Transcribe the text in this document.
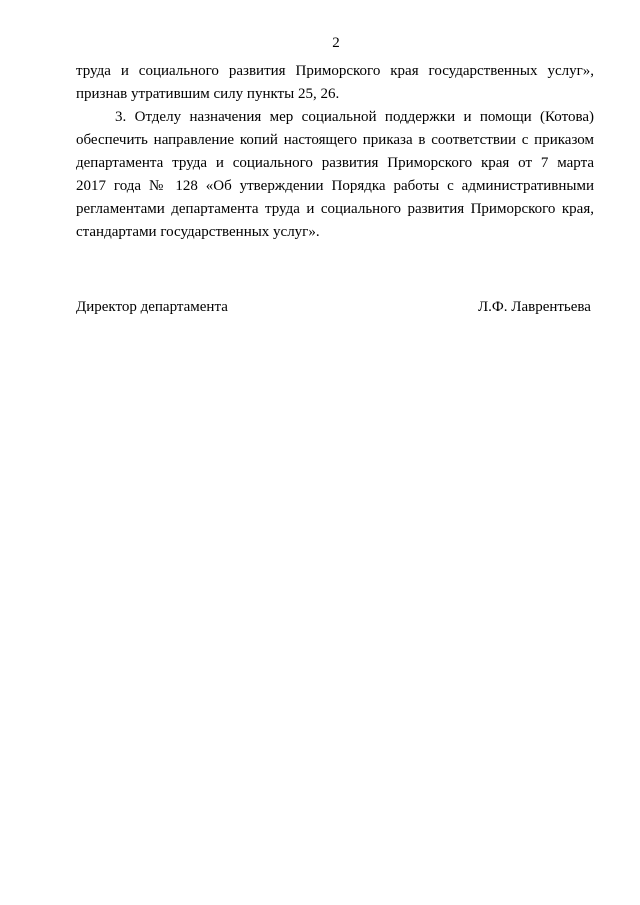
2
труда и социального развития Приморского края государственных услуг»,
признав утратившим силу пункты 25, 26.
3. Отделу назначения мер социальной поддержки и помощи (Котова)
обеспечить направление копий настоящего приказа в соответствии с приказом
департамента труда и социального развития Приморского края от 7 марта
2017 года № 128 «Об утверждении Порядка работы с административными
регламентами департамента труда и социального развития Приморского края,
стандартами государственных услуг».
Директор департамента	Л.Ф. Лаврентьева
